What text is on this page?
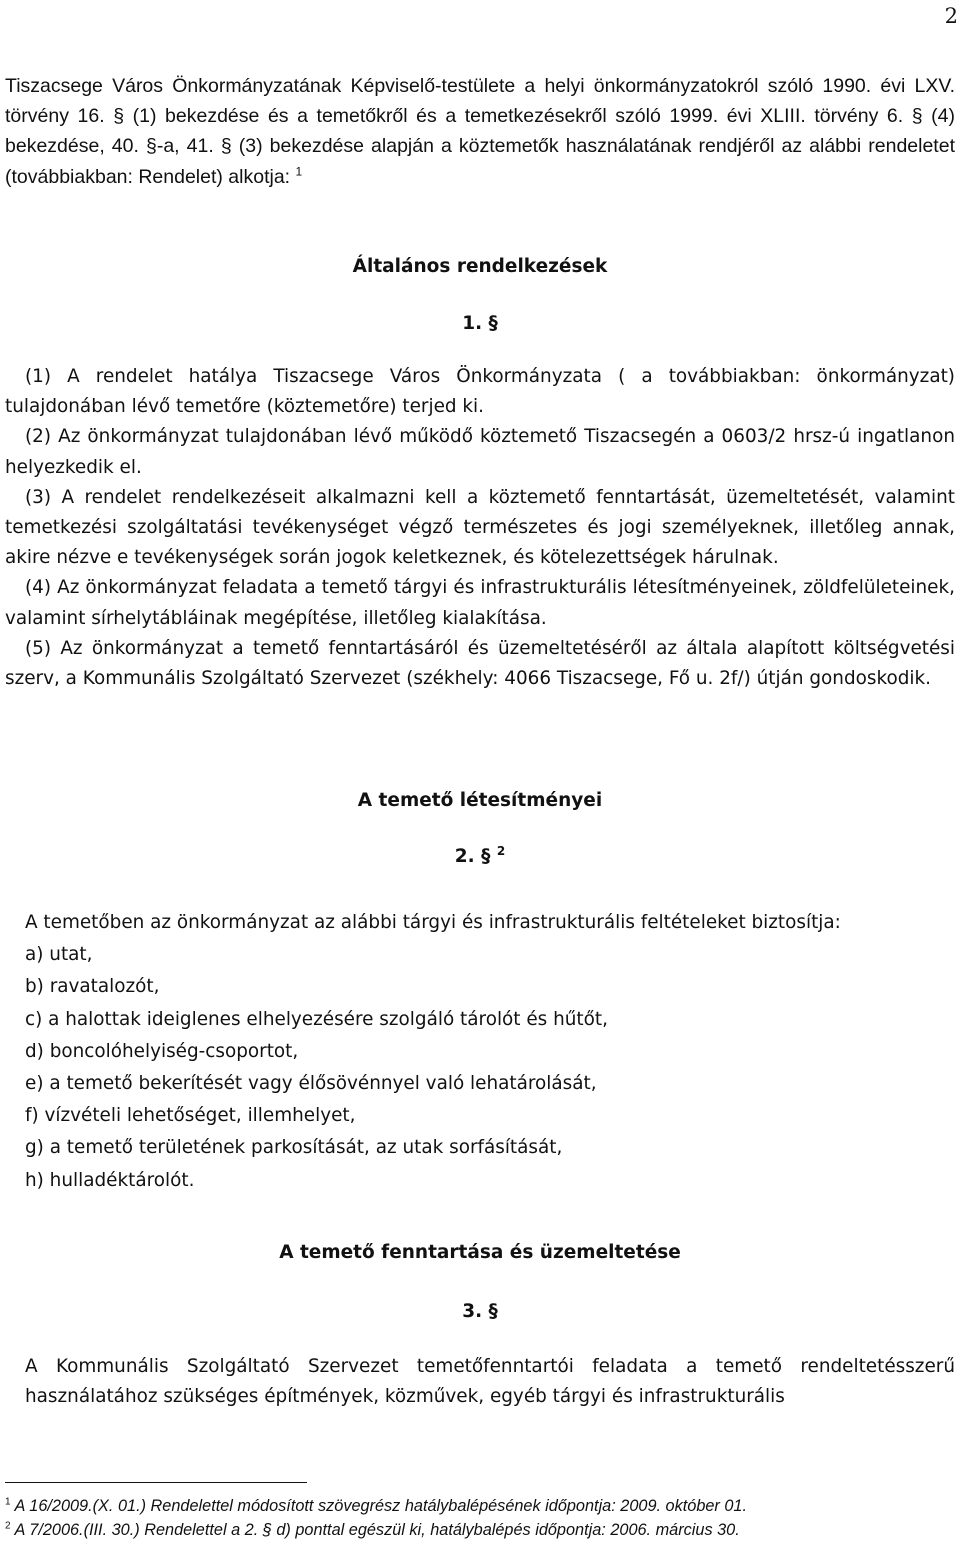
2
Tiszacsege Város Önkormányzatának Képviselő-testülete a helyi önkormányzatokról szóló 1990. évi LXV. törvény 16. § (1) bekezdése és a temetőkről és a temetkezésekről szóló 1999. évi XLIII. törvény 6. § (4) bekezdése, 40. §-a, 41. § (3) bekezdése alapján a köztemetők használatának rendjéről az alábbi rendeletet (továbbiakban: Rendelet) alkotja: $^1$
Általános rendelkezések
1. §

(1) A rendelet hatálya Tiszacsege Város Önkormányzata ( a továbbiakban: önkormányzat) tulajdonában lévő temetőre (köztemetőre) terjed ki.

(2) Az önkormányzat tulajdonában lévő működő köztemető Tiszacsegén a 0603/2 hrsz-ú ingatlanon helyezkedik el.

(3) A rendelet rendelkezéseit alkalmazni kell a köztemető fenntartását, üzemeltetését, valamint temetkezési szolgáltatási tevékenységet végző természetes és jogi személyeknek, illetőleg annak, akire nézve e tevékenységek során jogok keletkeznek, és kötelezettségek hárulnak.

(4) Az önkormányzat feladata a temető tárgyi és infrastrukturális létesítményeinek, zöldfelületeinek, valamint sírhelytábláinak megépítése, illetőleg kialakítása.

(5) Az önkormányzat a temető fenntartásáról és üzemeltetéséről az általa alapított költségvetési szerv, a Kommunális Szolgáltató Szervezet (székhely: 4066 Tiszacsege, Fő u. 2f/) útján gondoskodik.

A temető létesítményei
2. § $^2$
A temetőben az önkormányzat az alábbi tárgyi és infrastrukturális feltételeket biztosítja:
a) utat,
b) ravatalozót,
c) a halottak ideiglenes elhelyezésére szolgáló tárolót és hűtőt,
d) boncolóhelyiség-csoportot,
e) a temető bekerítését vagy élősövénnyel való lehatárolását,
f) vízvételi lehetőséget, illemhelyet,
g) a temető területének parkosítását, az utak sorfásítását,
h) hulladéktárolót.
A temető fenntartása és üzemeltetése
3. §

A Kommunális Szolgáltató Szervezet temetőfenntartói feladata a temető rendeltetésszerű használatához szükséges építmények, közművek, egyéb tárgyi és infrastrukturális

$^1$ A 16/2009.(X. 01.) Rendelettel módosított szövegrész hatálybalépésének időpontja: 2009. október 01.
$^2$ A 7/2006.(III. 30.) Rendelettel a 2. § d) ponttal egészül ki, hatálybalépés időpontja: 2006. március 30.
